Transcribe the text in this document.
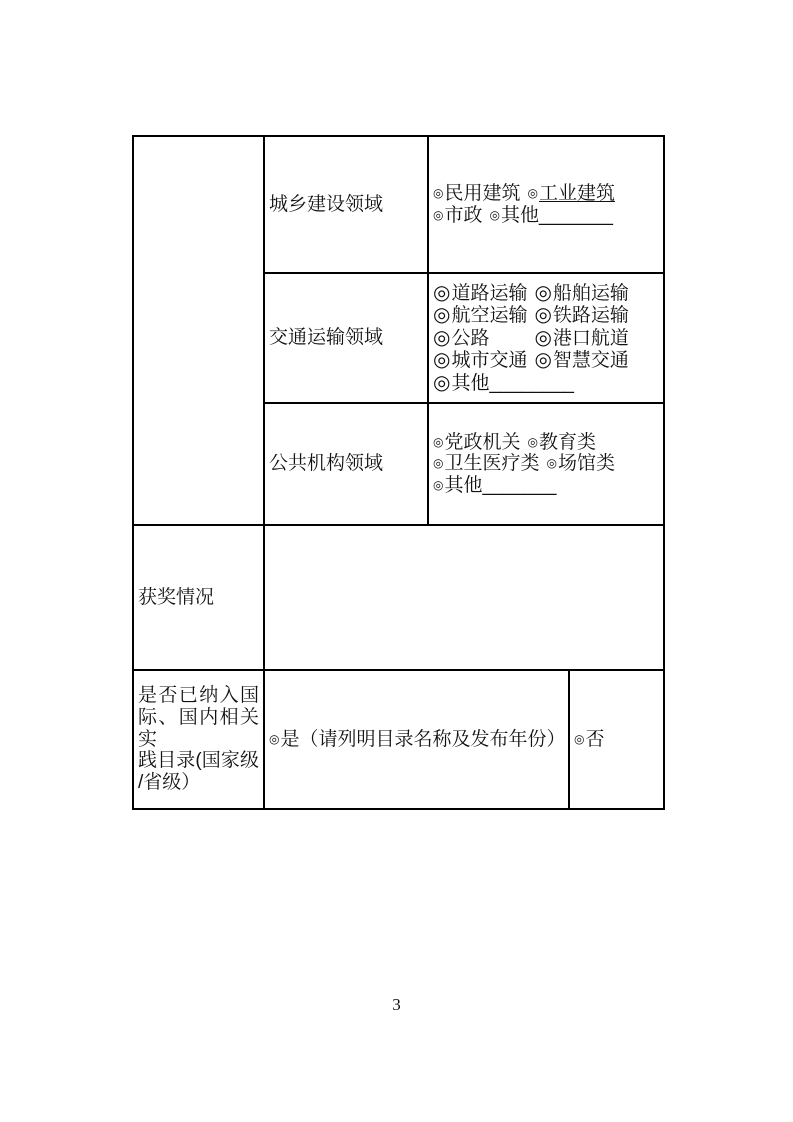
	城乡建设领域	◎民用建筑 ◎工业建筑
◎市政 ◎其他_______	

	交通运输领域	◎道路运输 ◎船舶运输
◎航空运输 ◎铁路运输
◎公路　　◎港口航道
◎城市交通 ◎智慧交通
◎其他________	

	公共机构领域	◎党政机关 ◎教育类
◎卫生医疗类 ◎场馆类
◎其他_______	

获奖情况			

是否已纳入国
际、国内相关实
践目录(国家级
/省级）	◎是（请列明目录名称及发布年份）		◎否
3
